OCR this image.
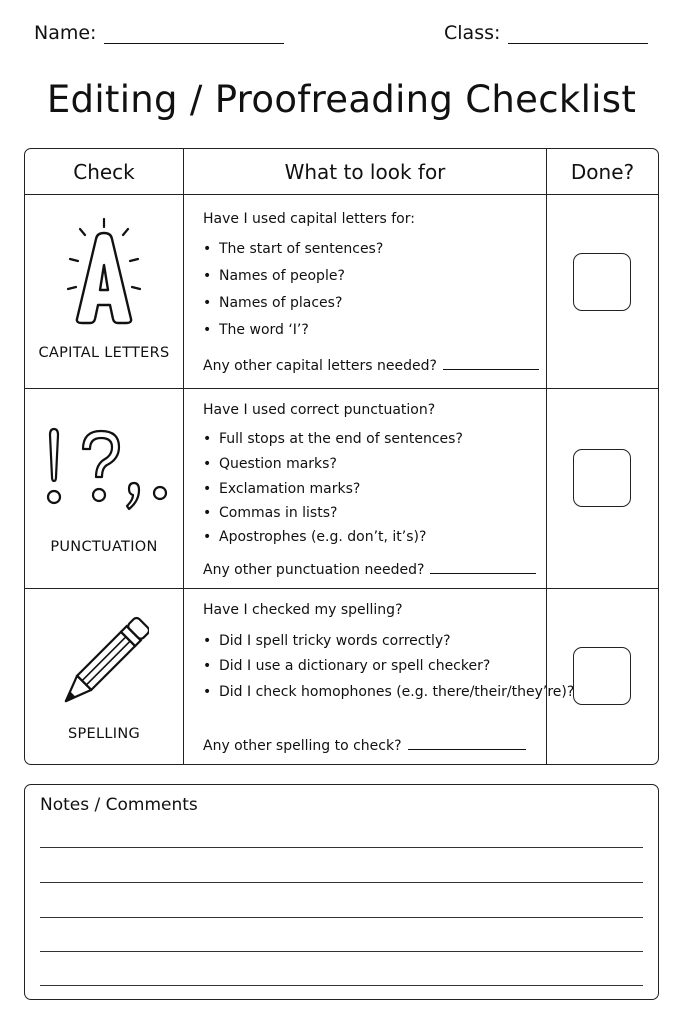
Name:	Class:
Editing / Proofreading Checklist
Check	What to look for	Done?
CAPITAL LETTERS
Have I used capital letters for:
• The start of sentences?
• Names of people?
• Names of places?
• The word ‘I’?
Any other capital letters needed?
PUNCTUATION
Have I used correct punctuation?
• Full stops at the end of sentences?
• Question marks?
• Exclamation marks?
• Commas in lists?
• Apostrophes (e.g. don’t, it’s)?
Any other punctuation needed?
SPELLING
Have I checked my spelling?
• Did I spell tricky words correctly?
• Did I use a dictionary or spell checker?
• Did I check homophones (e.g. there/their/they’re)?
Any other spelling to check?
Notes / Comments
